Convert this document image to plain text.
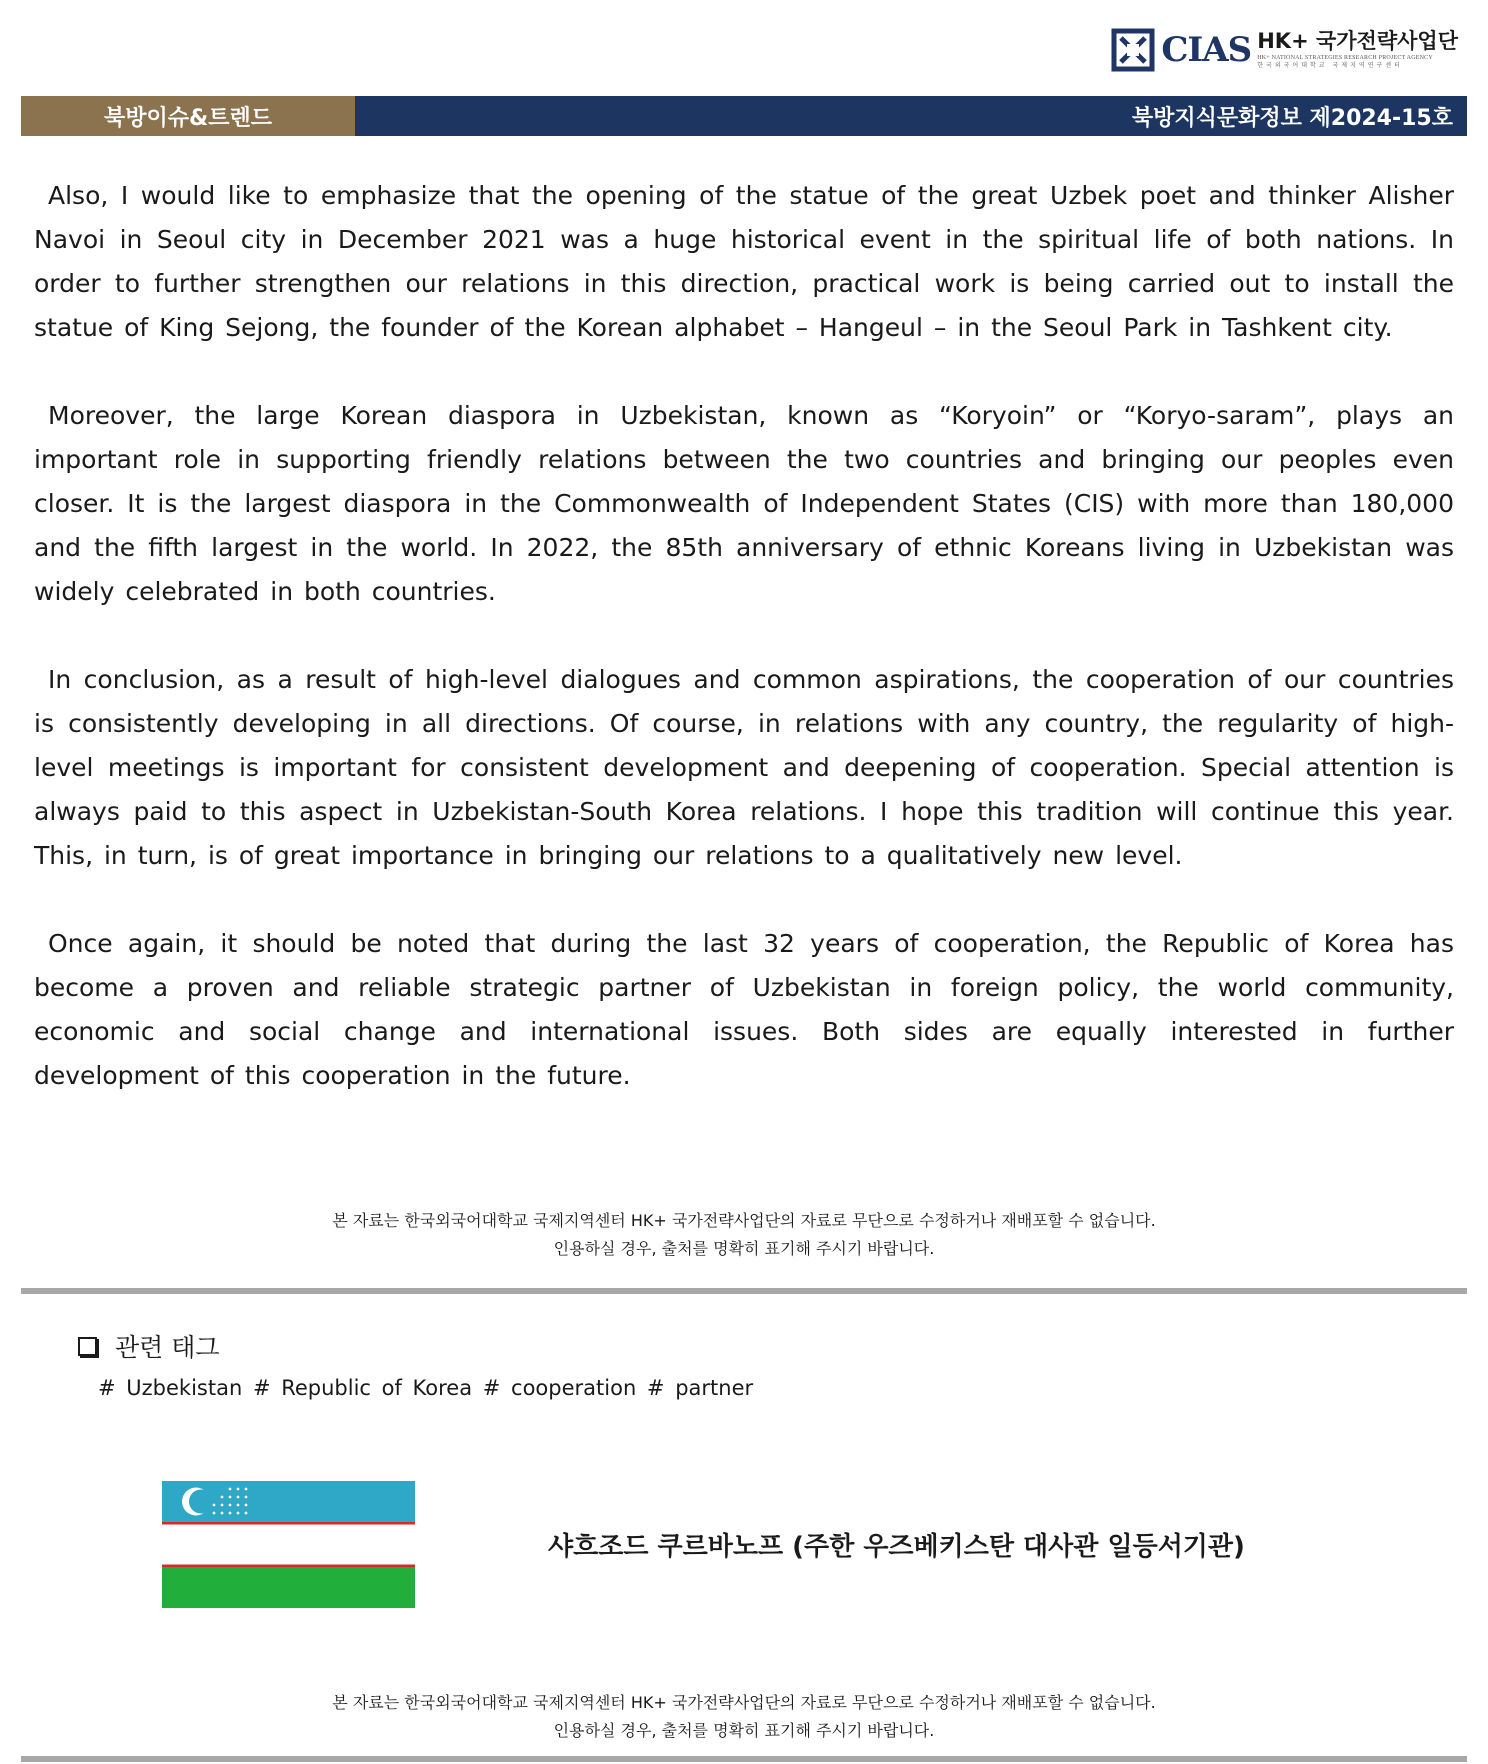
CIAS HK+ 국가전략사업단
HK+ NATIONAL STRATEGIES RESEARCH PROJECT AGENCY
한국외국어대학교 국제지역연구센터
북방이슈&트렌드	북방지식문화정보 제2024-15호

Also, I would like to emphasize that the opening of the statue of the great Uzbek poet and thinker Alisher Navoi in Seoul city in December 2021 was a huge historical event in the spiritual life of both nations. In order to further strengthen our relations in this direction, practical work is being carried out to install the statue of King Sejong, the founder of the Korean alphabet – Hangeul – in the Seoul Park in Tashkent city.

Moreover, the large Korean diaspora in Uzbekistan, known as “Koryoin” or “Koryo-saram”, plays an important role in supporting friendly relations between the two countries and bringing our peoples even closer. It is the largest diaspora in the Commonwealth of Independent States (CIS) with more than 180,000 and the fifth largest in the world. In 2022, the 85th anniversary of ethnic Koreans living in Uzbekistan was widely celebrated in both countries.

In conclusion, as a result of high-level dialogues and common aspirations, the cooperation of our countries is consistently developing in all directions. Of course, in relations with any country, the regularity of high-level meetings is important for consistent development and deepening of cooperation. Special attention is always paid to this aspect in Uzbekistan-South Korea relations. I hope this tradition will continue this year. This, in turn, is of great importance in bringing our relations to a qualitatively new level.

Once again, it should be noted that during the last 32 years of cooperation, the Republic of Korea has become a proven and reliable strategic partner of Uzbekistan in foreign policy, the world community, economic and social change and international issues. Both sides are equally interested in further development of this cooperation in the future.

본 자료는 한국외국어대학교 국제지역센터 HK+ 국가전략사업단의 자료로 무단으로 수정하거나 재배포할 수 없습니다.
인용하실 경우, 출처를 명확히 표기해 주시기 바랍니다.
관련 태그
# Uzbekistan # Republic of Korea # cooperation # partner
샤흐조드 쿠르바노프 (주한 우즈베키스탄 대사관 일등서기관)
본 자료는 한국외국어대학교 국제지역센터 HK+ 국가전략사업단의 자료로 무단으로 수정하거나 재배포할 수 없습니다.
인용하실 경우, 출처를 명확히 표기해 주시기 바랍니다.
